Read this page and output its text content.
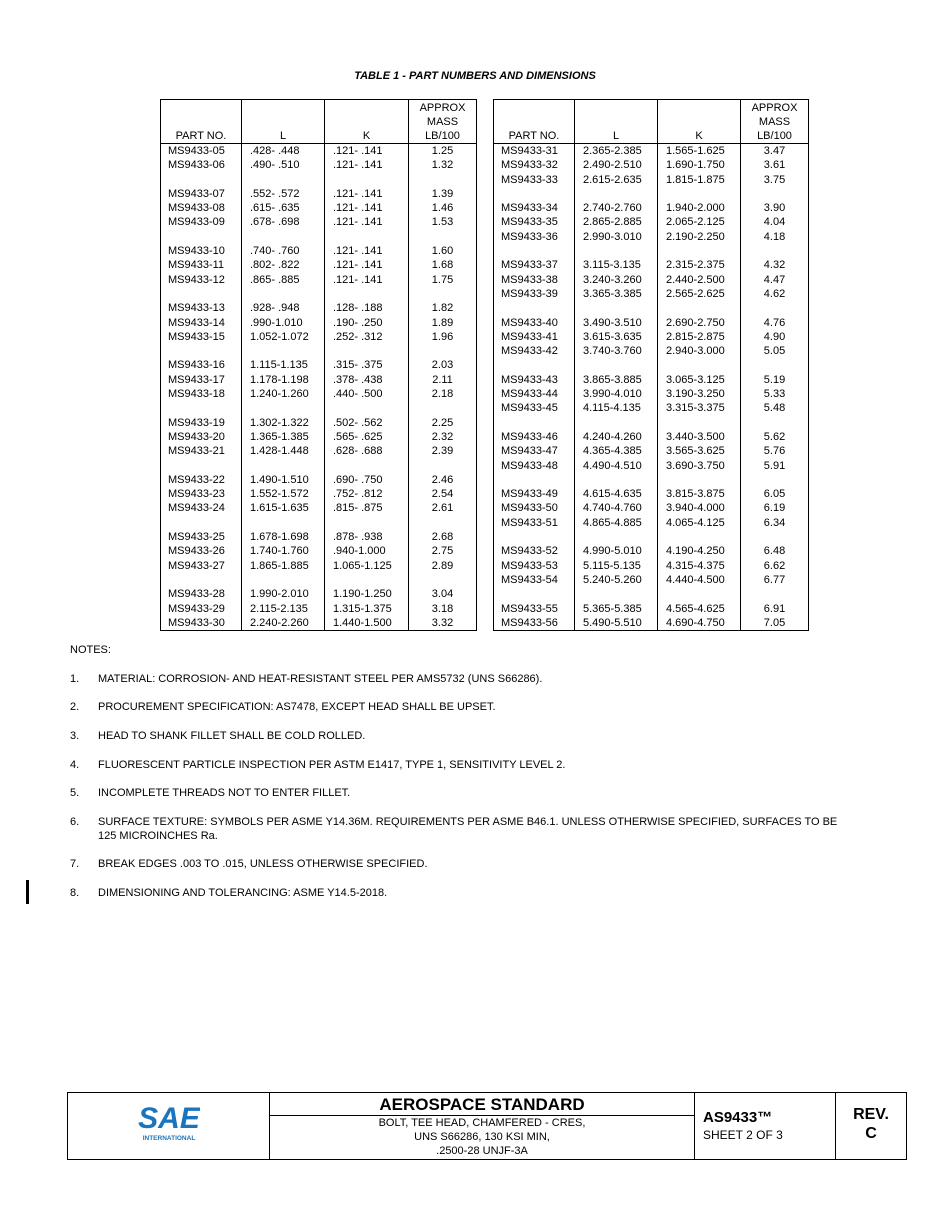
TABLE 1 - PART NUMBERS AND DIMENSIONS
PART NO.	L	K	APPROX
MASS
LB/100
MS9433-05	.428- .448	.121- .141	1.25
MS9433-06	.490- .510	.121- .141	1.32

MS9433-07	.552- .572	.121- .141	1.39
MS9433-08	.615- .635	.121- .141	1.46
MS9433-09	.678- .698	.121- .141	1.53

MS9433-10	.740- .760	.121- .141	1.60
MS9433-11	.802- .822	.121- .141	1.68
MS9433-12	.865- .885	.121- .141	1.75

MS9433-13	.928- .948	.128- .188	1.82
MS9433-14	.990-1.010	.190- .250	1.89
MS9433-15	1.052-1.072	.252- .312	1.96

MS9433-16	1.115-1.135	.315- .375	2.03
MS9433-17	1.178-1.198	.378- .438	2.11
MS9433-18	1.240-1.260	.440- .500	2.18

MS9433-19	1.302-1.322	.502- .562	2.25
MS9433-20	1.365-1.385	.565- .625	2.32
MS9433-21	1.428-1.448	.628- .688	2.39

MS9433-22	1.490-1.510	.690- .750	2.46
MS9433-23	1.552-1.572	.752- .812	2.54
MS9433-24	1.615-1.635	.815- .875	2.61

MS9433-25	1.678-1.698	.878- .938	2.68
MS9433-26	1.740-1.760	.940-1.000	2.75
MS9433-27	1.865-1.885	1.065-1.125	2.89

MS9433-28	1.990-2.010	1.190-1.250	3.04
MS9433-29	2.115-2.135	1.315-1.375	3.18
MS9433-30	2.240-2.260	1.440-1.500	3.32
PART NO.	L	K	APPROX
MASS
LB/100
MS9433-31	2.365-2.385	1.565-1.625	3.47
MS9433-32	2.490-2.510	1.690-1.750	3.61
MS9433-33	2.615-2.635	1.815-1.875	3.75

MS9433-34	2.740-2.760	1.940-2.000	3.90
MS9433-35	2.865-2.885	2.065-2.125	4.04
MS9433-36	2.990-3.010	2.190-2.250	4.18

MS9433-37	3.115-3.135	2.315-2.375	4.32
MS9433-38	3.240-3.260	2.440-2.500	4.47
MS9433-39	3.365-3.385	2.565-2.625	4.62

MS9433-40	3.490-3.510	2.690-2.750	4.76
MS9433-41	3.615-3.635	2.815-2.875	4.90
MS9433-42	3.740-3.760	2.940-3.000	5.05

MS9433-43	3.865-3.885	3.065-3.125	5.19
MS9433-44	3.990-4.010	3.190-3.250	5.33
MS9433-45	4.115-4.135	3.315-3.375	5.48

MS9433-46	4.240-4.260	3.440-3.500	5.62
MS9433-47	4.365-4.385	3.565-3.625	5.76
MS9433-48	4.490-4.510	3.690-3.750	5.91

MS9433-49	4.615-4.635	3.815-3.875	6.05
MS9433-50	4.740-4.760	3.940-4.000	6.19
MS9433-51	4.865-4.885	4.065-4.125	6.34

MS9433-52	4.990-5.010	4.190-4.250	6.48
MS9433-53	5.115-5.135	4.315-4.375	6.62
MS9433-54	5.240-5.260	4.440-4.500	6.77

MS9433-55	5.365-5.385	4.565-4.625	6.91
MS9433-56	5.490-5.510	4.690-4.750	7.05
NOTES:
1.	MATERIAL: CORROSION- AND HEAT-RESISTANT STEEL PER AMS5732 (UNS S66286).
2.	PROCUREMENT SPECIFICATION: AS7478, EXCEPT HEAD SHALL BE UPSET.
3.	HEAD TO SHANK FILLET SHALL BE COLD ROLLED.
4.	FLUORESCENT PARTICLE INSPECTION PER ASTM E1417, TYPE 1, SENSITIVITY LEVEL 2.
5.	INCOMPLETE THREADS NOT TO ENTER FILLET.
6.	SURFACE TEXTURE: SYMBOLS PER ASME Y14.36M. REQUIREMENTS PER ASME B46.1. UNLESS OTHERWISE SPECIFIED, SURFACES TO BE 125 MICROINCHES Ra.
7.	BREAK EDGES .003 TO .015, UNLESS OTHERWISE SPECIFIED.
8.	DIMENSIONING AND TOLERANCING: ASME Y14.5-2018.
SAE
INTERNATIONAL
AEROSPACE STANDARD
BOLT, TEE HEAD, CHAMFERED - CRES,
UNS S66286, 130 KSI MIN,
.2500-28 UNJF-3A
AS9433™
SHEET 2 OF 3
REV.
C
